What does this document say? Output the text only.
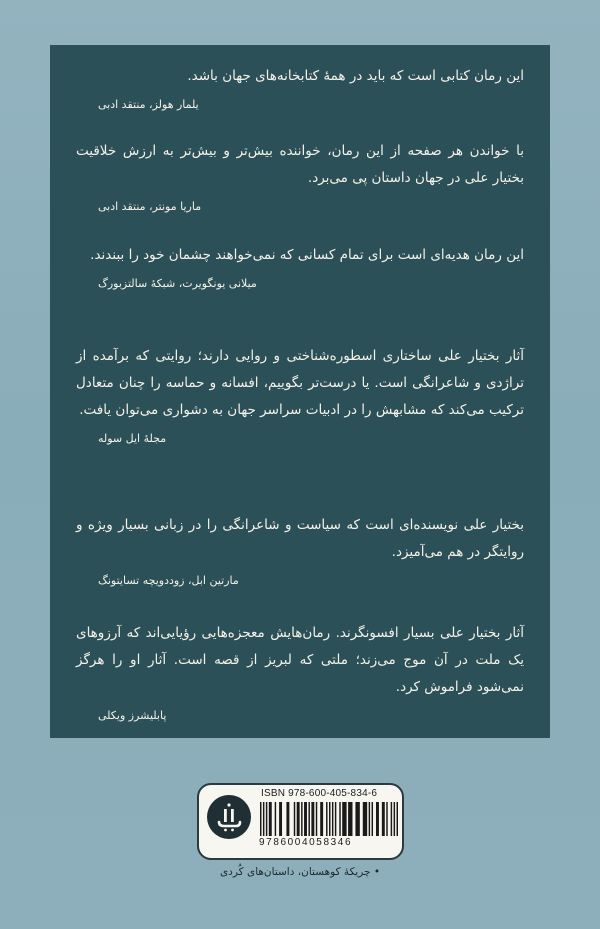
این رمان کتابی است که باید در همهٔ کتابخانه‌های جهان باشد.

یلمار هولز، منتقد ادبی

با خواندن هر صفحه از این رمان، خواننده بیش‌تر و بیش‌تر به ارزش خلاقیت بختیار علی در جهان داستان پی می‌برد.

ماریا مونتر، منتقد ادبی

این رمان هدیه‌ای است برای تمام کسانی که نمی‌خواهند چشمان خود را ببندند.

میلانی یونگویرت، شبکهٔ سالتزبورگ

آثار بختیار علی ساختاری اسطوره‌شناختی و روایی دارند؛ روایتی که برآمده از تراژدی و شاعرانگی است. یا درست‌تر بگوییم، افسانه و حماسه را چنان متعادل ترکیب می‌کند که مشابهش را در ادبیات سراسر جهان به دشواری می‌توان یافت.

مجلهٔ ایل سوله

بختیار علی نویسنده‌ای است که سیاست و شاعرانگی را در زبانی بسیار ویژه و روایتگر در هم می‌آمیزد.

مارتین ابل، زوددویچه تسایتونگ

آثار بختیار علی بسیار افسونگرند. رمان‌هایش معجزه‌هایی رؤیایی‌اند که آرزوهای یک ملت در آن موج می‌زند؛ ملتی که لبریز از قصه است. آثار او را هرگز نمی‌شود فراموش کرد.

پابلیشرز ویکلی

ISBN 978-600-405-834-6
9786004058346
• چریکهٔ کوهستان، داستان‌های کُردی
